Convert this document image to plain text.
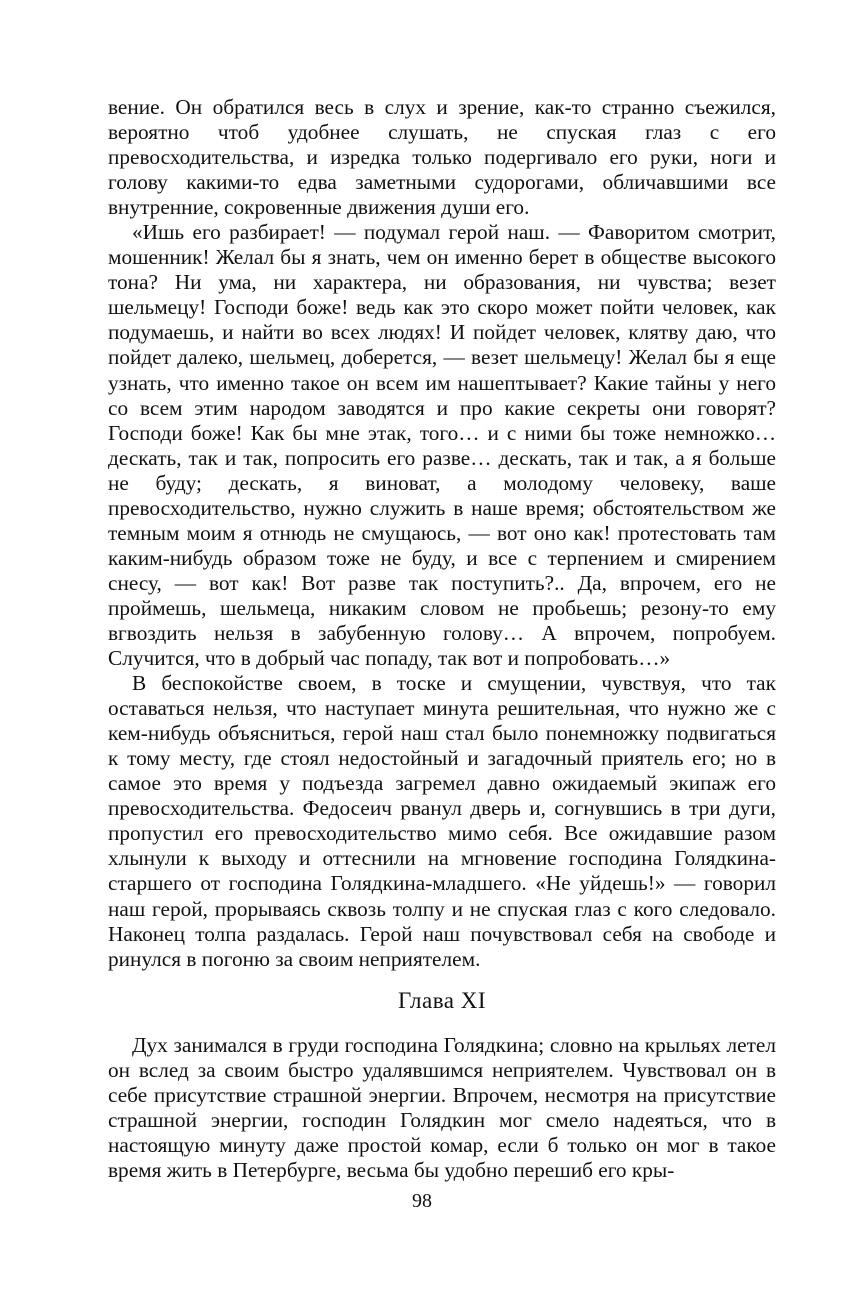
вение. Он обратился весь в слух и зрение, как-то странно съежился, вероятно чтоб удобнее слушать, не спуская глаз с его превосходительства, и изредка только подергивало его руки, ноги и голову какими-то едва заметными судорогами, обличавшими все внутренние, сокровенные движения души его.

«Ишь его разбирает! — подумал герой наш. — Фаворитом смотрит, мошенник! Желал бы я знать, чем он именно берет в обществе высокого тона? Ни ума, ни характера, ни образования, ни чувства; везет шельмецу! Господи боже! ведь как это скоро может пойти человек, как подумаешь, и найти во всех людях! И пойдет человек, клятву даю, что пойдет далеко, шельмец, доберется, — везет шельмецу! Желал бы я еще узнать, что именно такое он всем им нашептывает? Какие тайны у него со всем этим народом заводятся и про какие секреты они говорят? Господи боже! Как бы мне этак, того… и с ними бы тоже немножко… дескать, так и так, попросить его разве… дескать, так и так, а я больше не буду; дескать, я виноват, а молодому человеку, ваше превосходительство, нужно служить в наше время; обстоятельством же темным моим я отнюдь не смущаюсь, — вот оно как! протестовать там каким-нибудь образом тоже не буду, и все с терпением и смирением снесу, — вот как! Вот разве так поступить?.. Да, впрочем, его не проймешь, шельмеца, никаким словом не пробьешь; резону-то ему вгвоздить нельзя в забубенную голову… А впрочем, попробуем. Случится, что в добрый час попаду, так вот и попробовать…»

В беспокойстве своем, в тоске и смущении, чувствуя, что так оставаться нельзя, что наступает минута решительная, что нужно же с кем-нибудь объясниться, герой наш стал было понемножку подвигаться к тому месту, где стоял недостойный и загадочный приятель его; но в самое это время у подъезда загремел давно ожидаемый экипаж его превосходительства. Федосеич рванул дверь и, согнувшись в три дуги, пропустил его превосходительство мимо себя. Все ожидавшие разом хлынули к выходу и оттеснили на мгновение господина Голядкина-старшего от господина Голядкина-младшего. «Не уйдешь!» — говорил наш герой, прорываясь сквозь толпу и не спуская глаз с кого следовало. Наконец толпа раздалась. Герой наш почувствовал себя на свободе и ринулся в погоню за своим неприятелем.

Глава XI

Дух занимался в груди господина Голядкина; словно на крыльях летел он вслед за своим быстро удалявшимся неприятелем. Чувствовал он в себе присутствие страшной энергии. Впрочем, несмотря на присутствие страшной энергии, господин Голядкин мог смело надеяться, что в настоящую минуту даже простой комар, если б только он мог в такое время жить в Петербурге, весьма бы удобно перешиб его кры-

98
